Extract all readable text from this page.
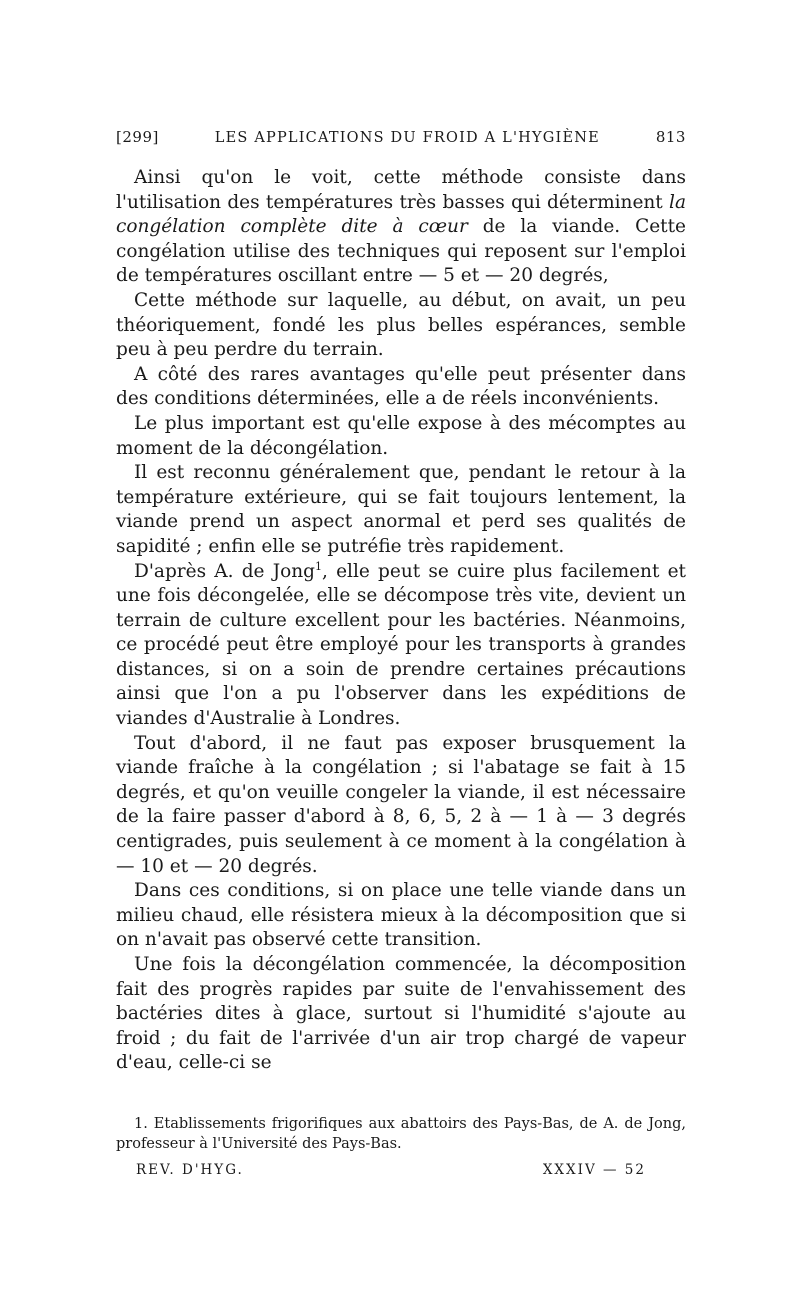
[299]	LES APPLICATIONS DU FROID A L'HYGIÈNE	813

Ainsi qu'on le voit, cette méthode consiste dans l'utilisation des températures très basses qui déterminent la congélation complète dite à cœur de la viande. Cette congélation utilise des techniques qui reposent sur l'emploi de températures oscillant entre — 5 et — 20 degrés,

Cette méthode sur laquelle, au début, on avait, un peu théoriquement, fondé les plus belles espérances, semble peu à peu perdre du terrain.

A côté des rares avantages qu'elle peut présenter dans des conditions déterminées, elle a de réels inconvénients.

Le plus important est qu'elle expose à des mécomptes au moment de la décongélation.

Il est reconnu généralement que, pendant le retour à la température extérieure, qui se fait toujours lentement, la viande prend un aspect anormal et perd ses qualités de sapidité ; enfin elle se putréfie très rapidement.

D'après A. de Jong$^1$, elle peut se cuire plus facilement et une fois décongelée, elle se décompose très vite, devient un terrain de culture excellent pour les bactéries. Néanmoins, ce procédé peut être employé pour les transports à grandes distances, si on a soin de prendre certaines précautions ainsi que l'on a pu l'observer dans les expéditions de viandes d'Australie à Londres.

Tout d'abord, il ne faut pas exposer brusquement la viande fraîche à la congélation ; si l'abatage se fait à 15 degrés, et qu'on veuille congeler la viande, il est nécessaire de la faire passer d'abord à 8, 6, 5, 2 à — 1 à — 3 degrés centigrades, puis seulement à ce moment à la congélation à — 10 et — 20 degrés.

Dans ces conditions, si on place une telle viande dans un milieu chaud, elle résistera mieux à la décomposition que si on n'avait pas observé cette transition.

Une fois la décongélation commencée, la décomposition fait des progrès rapides par suite de l'envahissement des bactéries dites à glace, surtout si l'humidité s'ajoute au froid ; du fait de l'arrivée d'un air trop chargé de vapeur d'eau, celle-ci se

1. Etablissements frigorifiques aux abattoirs des Pays-Bas, de A. de Jong, professeur à l'Université des Pays-Bas.

REV. D'HYG.	XXXIV — 52
